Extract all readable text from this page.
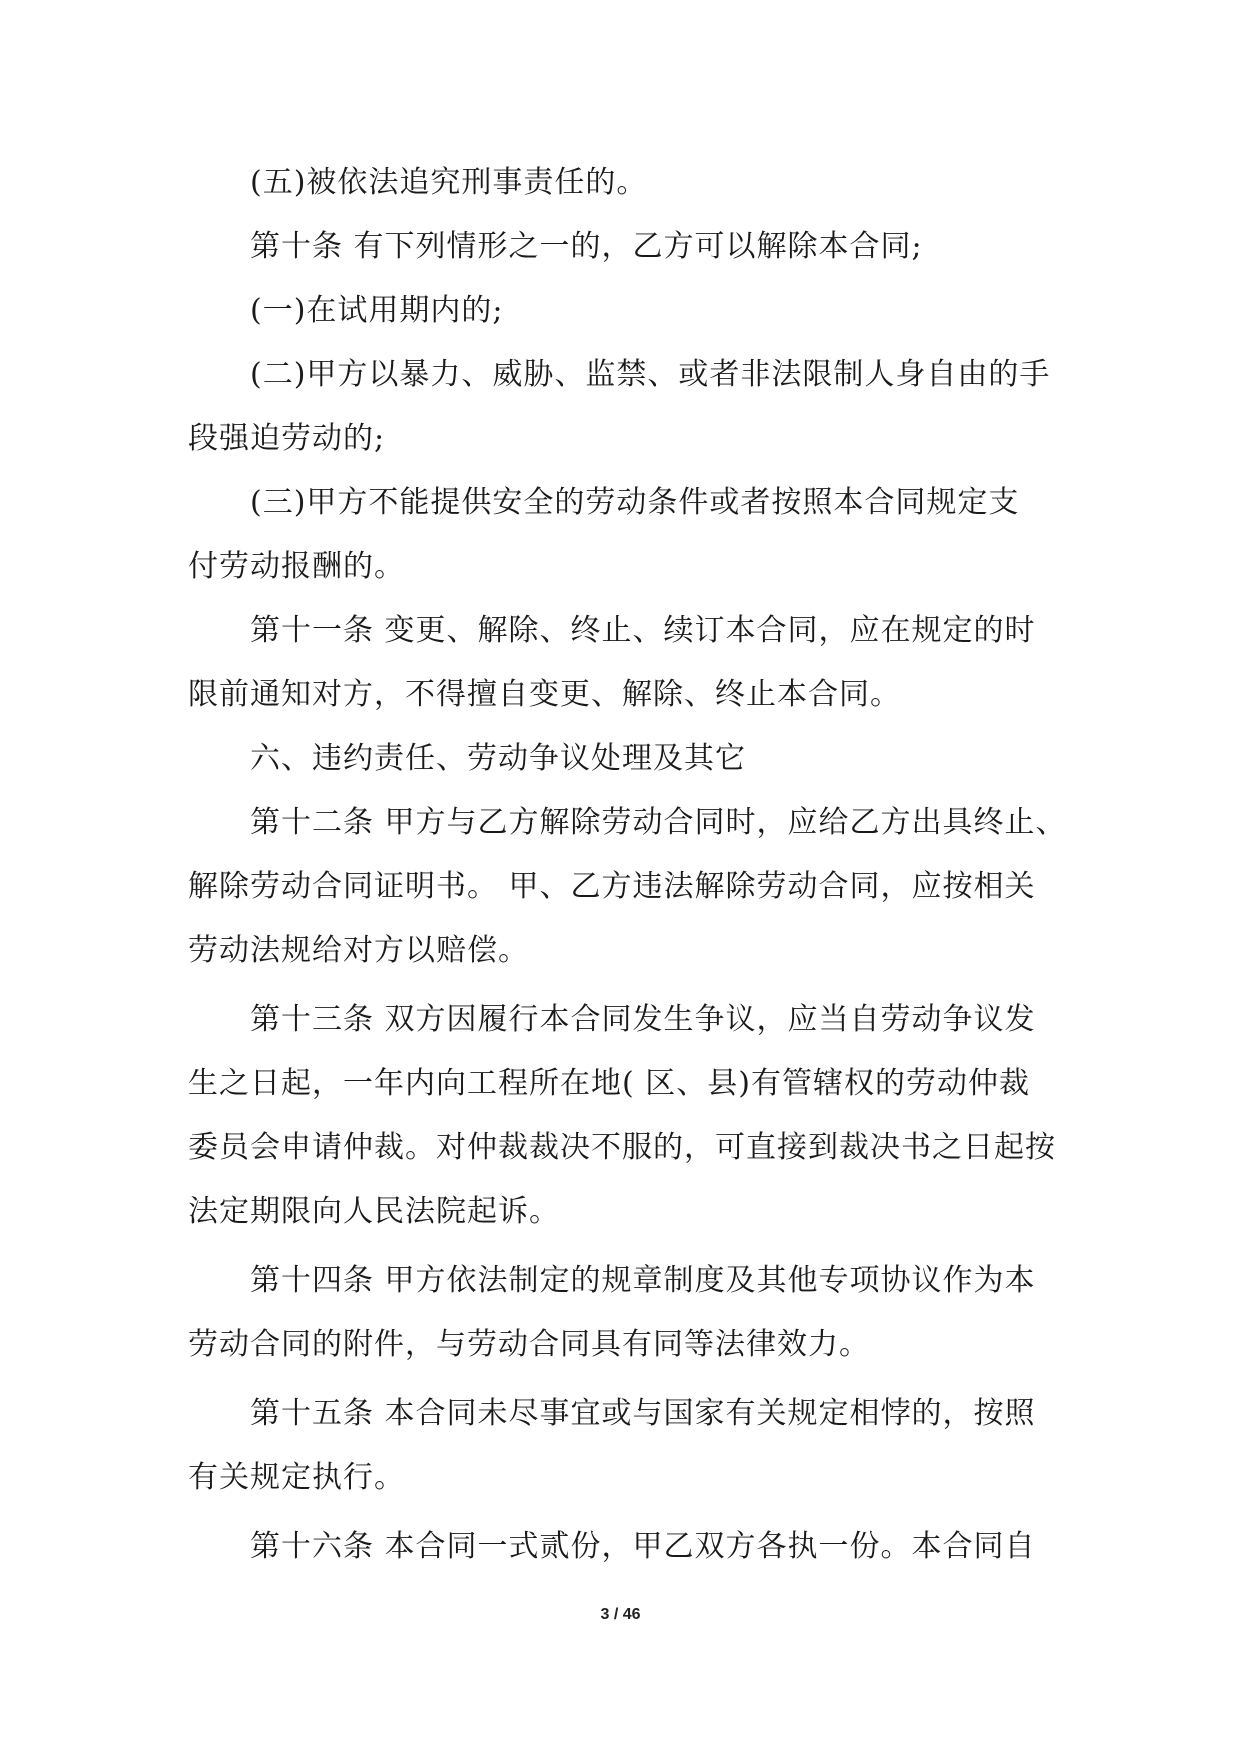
(五)被依法追究刑事责任的。
第十条 有下列情形之一的，乙方可以解除本合同;
(一)在试用期内的;
(二)甲方以暴力、威胁、监禁、或者非法限制人身自由的手
段强迫劳动的;
(三)甲方不能提供安全的劳动条件或者按照本合同规定支
付劳动报酬的。
第十一条 变更、解除、终止、续订本合同，应在规定的时
限前通知对方，不得擅自变更、解除、终止本合同。
六、违约责任、劳动争议处理及其它
第十二条 甲方与乙方解除劳动合同时，应给乙方出具终止、
解除劳动合同证明书。 甲、乙方违法解除劳动合同，应按相关
劳动法规给对方以赔偿。
第十三条 双方因履行本合同发生争议，应当自劳动争议发
生之日起，一年内向工程所在地( 区、县)有管辖权的劳动仲裁
委员会申请仲裁。对仲裁裁决不服的，可直接到裁决书之日起按
法定期限向人民法院起诉。
第十四条 甲方依法制定的规章制度及其他专项协议作为本
劳动合同的附件，与劳动合同具有同等法律效力。
第十五条 本合同未尽事宜或与国家有关规定相悖的，按照
有关规定执行。
第十六条 本合同一式贰份，甲乙双方各执一份。本合同自
3 / 46
